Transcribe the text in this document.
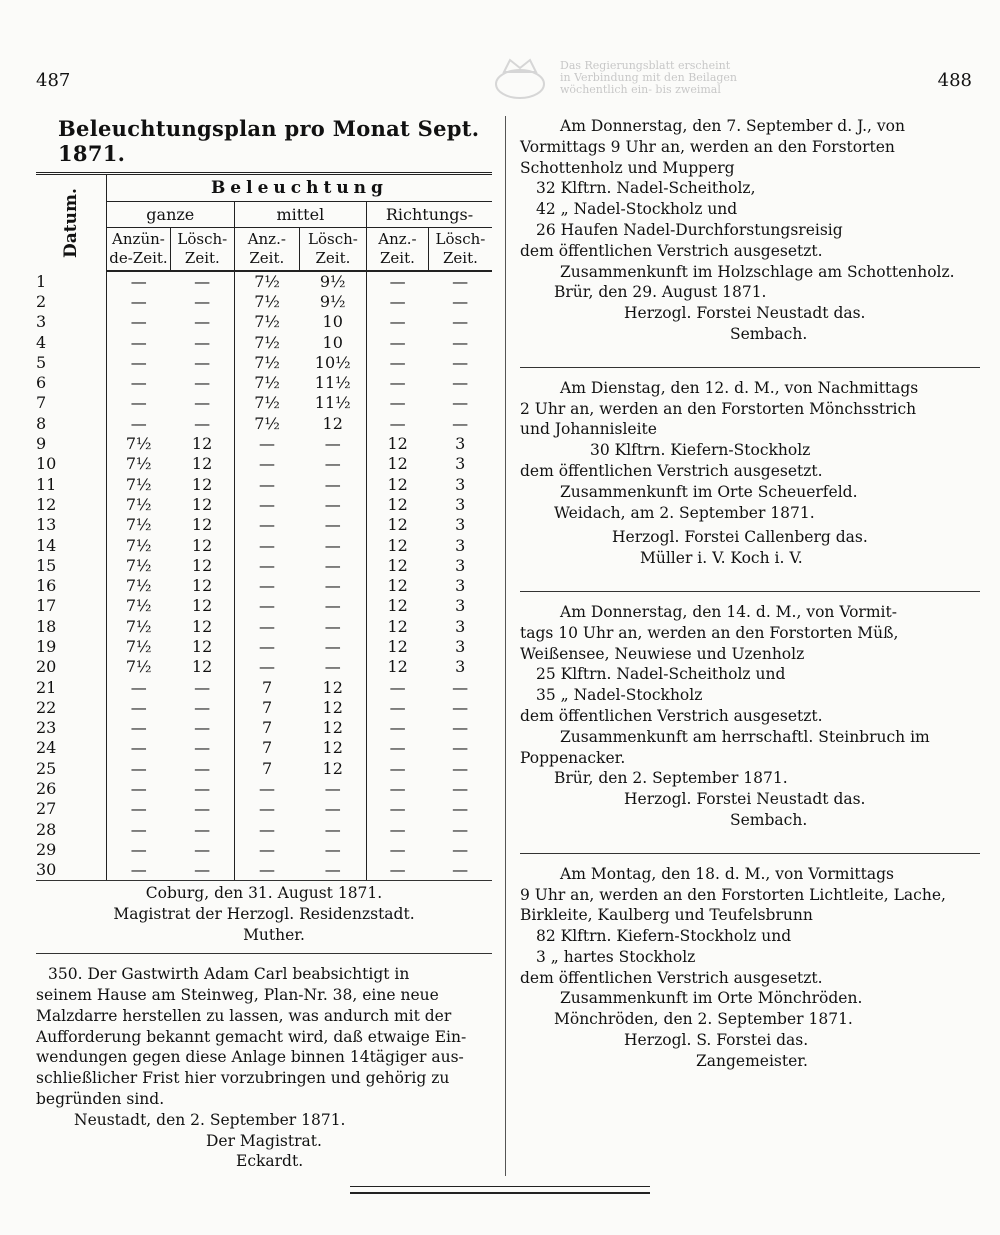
487	488
Das Regierungsblatt erscheint
in Verbindung mit den Beilagen
wöchentlich ein- bis zweimal
Beleuchtungsplan pro Monat Sept. 1871.
Datum.	Beleuchtung					
	ganze		mittel		Richtungs-	
	Anzün-de-Zeit.	Lösch-Zeit.	Anz.-Zeit.	Lösch-Zeit.	Anz.-Zeit.	Lösch-Zeit.
1	—	—	7½	9½	—	—
2	—	—	7½	9½	—	—
3	—	—	7½	10	—	—
4	—	—	7½	10	—	—
5	—	—	7½	10½	—	—
6	—	—	7½	11½	—	—
7	—	—	7½	11½	—	—
8	—	—	7½	12	—	—
9	7½	12	—	—	12	3
10	7½	12	—	—	12	3
11	7½	12	—	—	12	3
12	7½	12	—	—	12	3
13	7½	12	—	—	12	3
14	7½	12	—	—	12	3
15	7½	12	—	—	12	3
16	7½	12	—	—	12	3
17	7½	12	—	—	12	3
18	7½	12	—	—	12	3
19	7½	12	—	—	12	3
20	7½	12	—	—	12	3
21	—	—	7	12	—	—
22	—	—	7	12	—	—
23	—	—	7	12	—	—
24	—	—	7	12	—	—
25	—	—	7	12	—	—
26	—	—	—	—	—	—
27	—	—	—	—	—	—
28	—	—	—	—	—	—
29	—	—	—	—	—	—
30	—	—	—	—	—	—
Coburg, den 31. August 1871.
Magistrat der Herzogl. Residenzstadt.
Muther.
350. Der Gastwirth Adam Carl beabsichtigt in
seinem Hause am Steinweg, Plan-Nr. 38, eine neue
Malzdarre herstellen zu lassen, was andurch mit der
Aufforderung bekannt gemacht wird, daß etwaige Ein-
wendungen gegen diese Anlage binnen 14tägiger aus-
schließlicher Frist hier vorzubringen und gehörig zu
begründen sind.
Neustadt, den 2. September 1871.
Der Magistrat.
Eckardt.
Am Donnerstag, den 7. September d. J., von
Vormittags 9 Uhr an, werden an den Forstorten
Schottenholz und Mupperg
32 Klftrn. Nadel-Scheitholz,
42 „ Nadel-Stockholz und
26 Haufen Nadel-Durchforstungsreisig
dem öffentlichen Verstrich ausgesetzt.
Zusammenkunft im Holzschlage am Schottenholz.
Brür, den 29. August 1871.
Herzogl. Forstei Neustadt das.
Sembach.
Am Dienstag, den 12. d. M., von Nachmittags
2 Uhr an, werden an den Forstorten Mönchsstrich
und Johannisleite
30 Klftrn. Kiefern-Stockholz
dem öffentlichen Verstrich ausgesetzt.
Zusammenkunft im Orte Scheuerfeld.
Weidach, am 2. September 1871.
Herzogl. Forstei Callenberg das.
Müller i. V. Koch i. V.
Am Donnerstag, den 14. d. M., von Vormit-
tags 10 Uhr an, werden an den Forstorten Müß,
Weißensee, Neuwiese und Uzenholz
25 Klftrn. Nadel-Scheitholz und
35 „ Nadel-Stockholz
dem öffentlichen Verstrich ausgesetzt.
Zusammenkunft am herrschaftl. Steinbruch im
Poppenacker.
Brür, den 2. September 1871.
Herzogl. Forstei Neustadt das.
Sembach.
Am Montag, den 18. d. M., von Vormittags
9 Uhr an, werden an den Forstorten Lichtleite, Lache,
Birkleite, Kaulberg und Teufelsbrunn
82 Klftrn. Kiefern-Stockholz und
3 „ hartes Stockholz
dem öffentlichen Verstrich ausgesetzt.
Zusammenkunft im Orte Mönchröden.
Mönchröden, den 2. September 1871.
Herzogl. S. Forstei das.
Zangemeister.
